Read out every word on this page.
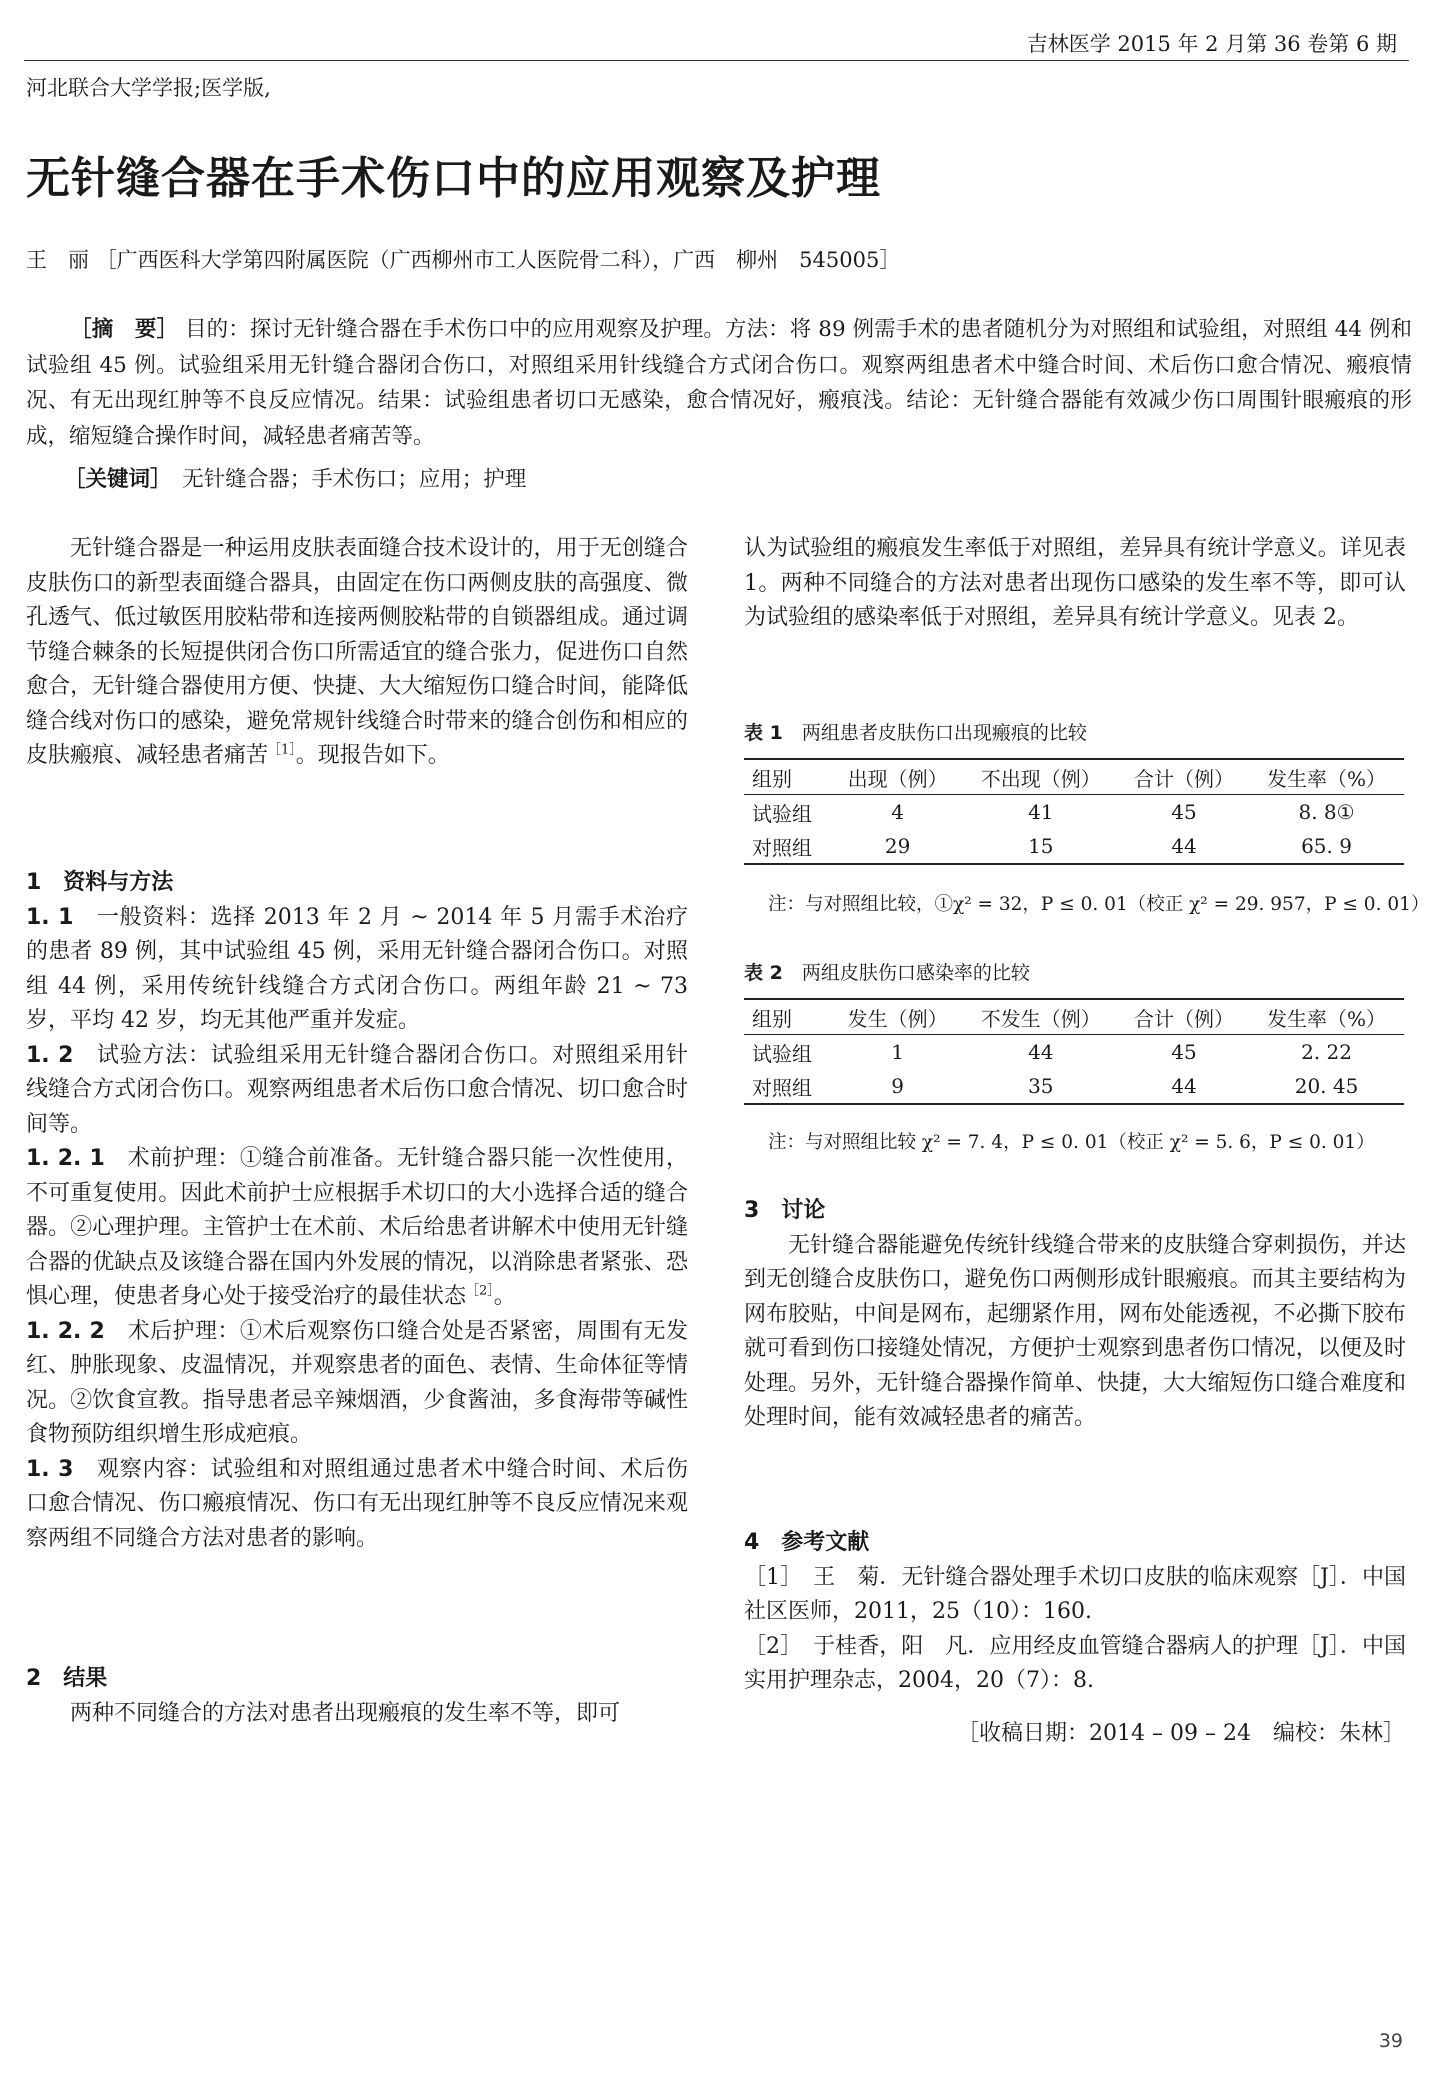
吉林医学 2015 年 2 月第 36 卷第 6 期
河北联合大学学报;医学版,
无针缝合器在手术伤口中的应用观察及护理
王　丽 ［广西医科大学第四附属医院（广西柳州市工人医院骨二科），广西　柳州　545005］
［摘　要］ 目的：探讨无针缝合器在手术伤口中的应用观察及护理。方法：将 89 例需手术的患者随机分为对照组和试验组，对照组 44 例和试验组 45 例。试验组采用无针缝合器闭合伤口，对照组采用针线缝合方式闭合伤口。观察两组患者术中缝合时间、术后伤口愈合情况、瘢痕情况、有无出现红肿等不良反应情况。结果：试验组患者切口无感染，愈合情况好，瘢痕浅。结论：无针缝合器能有效减少伤口周围针眼瘢痕的形成，缩短缝合操作时间，减轻患者痛苦等。
［关键词］　 无针缝合器；手术伤口；应用；护理

无针缝合器是一种运用皮肤表面缝合技术设计的，用于无创缝合皮肤伤口的新型表面缝合器具，由固定在伤口两侧皮肤的高强度、微孔透气、低过敏医用胶粘带和连接两侧胶粘带的自锁器组成。通过调节缝合棘条的长短提供闭合伤口所需适宜的缝合张力，促进伤口自然愈合，无针缝合器使用方便、快捷、大大缩短伤口缝合时间，能降低缝合线对伤口的感染，避免常规针线缝合时带来的缝合创伤和相应的皮肤瘢痕、减轻患者痛苦$^{[1]}$。现报告如下。

1　资料与方法

1. 1　一般资料：选择 2013 年 2 月 ~ 2014 年 5 月需手术治疗的患者 89 例，其中试验组 45 例，采用无针缝合器闭合伤口。对照组 44 例，采用传统针线缝合方式闭合伤口。两组年龄 21 ~ 73 岁，平均 42 岁，均无其他严重并发症。

1. 2　试验方法：试验组采用无针缝合器闭合伤口。对照组采用针线缝合方式闭合伤口。观察两组患者术后伤口愈合情况、切口愈合时间等。

1. 2. 1　术前护理：①缝合前准备。无针缝合器只能一次性使用，不可重复使用。因此术前护士应根据手术切口的大小选择合适的缝合器。②心理护理。主管护士在术前、术后给患者讲解术中使用无针缝合器的优缺点及该缝合器在国内外发展的情况，以消除患者紧张、恐惧心理，使患者身心处于接受治疗的最佳状态$^{[2]}$。

1. 2. 2　术后护理：①术后观察伤口缝合处是否紧密，周围有无发红、肿胀现象、皮温情况，并观察患者的面色、表情、生命体征等情况。②饮食宣教。指导患者忌辛辣烟酒，少食酱油，多食海带等碱性食物预防组织增生形成疤痕。

1. 3　观察内容：试验组和对照组通过患者术中缝合时间、术后伤口愈合情况、伤口瘢痕情况、伤口有无出现红肿等不良反应情况来观察两组不同缝合方法对患者的影响。

2　结果

两种不同缝合的方法对患者出现瘢痕的发生率不等，即可

认为试验组的瘢痕发生率低于对照组，差异具有统计学意义。详见表 1。两种不同缝合的方法对患者出现伤口感染的发生率不等，即可认为试验组的感染率低于对照组，差异具有统计学意义。见表 2。

表 1　 两组患者皮肤伤口出现瘢痕的比较
组别	出现（例）	不出现（例）	合计（例）	发生率（%）
试验组	4	41	45	8. 8①
对照组	29	15	44	65. 9
注：与对照组比较，①χ² = 32，P ≤ 0. 01（校正 χ² = 29. 957，P ≤ 0. 01）
表 2　 两组皮肤伤口感染率的比较
组别	发生（例）	不发生（例）	合计（例）	发生率（%）
试验组	1	44	45	2. 22
对照组	9	35	44	20. 45
注：与对照组比较 χ² = 7. 4，P ≤ 0. 01（校正 χ² = 5. 6，P ≤ 0. 01）

3　讨论

无针缝合器能避免传统针线缝合带来的皮肤缝合穿刺损伤，并达到无创缝合皮肤伤口，避免伤口两侧形成针眼瘢痕。而其主要结构为网布胶贴，中间是网布，起绷紧作用，网布处能透视，不必撕下胶布就可看到伤口接缝处情况，方便护士观察到患者伤口情况，以便及时处理。另外，无针缝合器操作简单、快捷，大大缩短伤口缝合难度和处理时间，能有效减轻患者的痛苦。

4　参考文献

［1］　王　菊．无针缝合器处理手术切口皮肤的临床观察［J］．中国社区医师，2011，25（10）：160.

［2］　于桂香，阳　凡．应用经皮血管缝合器病人的护理［J］．中国实用护理杂志，2004，20（7）：8.

［收稿日期：2014 – 09 – 24　编校：朱林］
39
